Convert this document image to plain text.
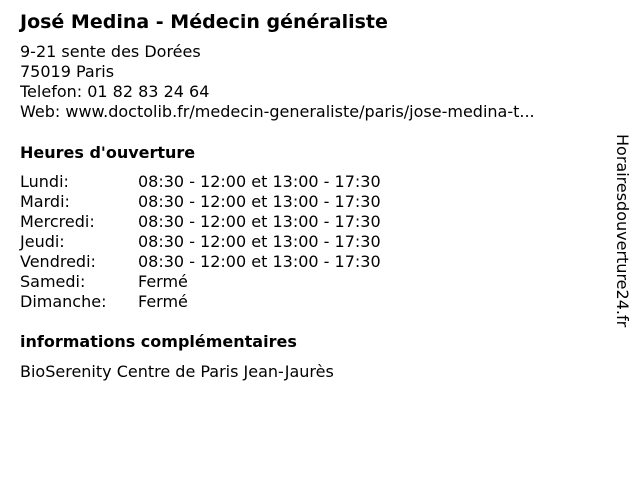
José Medina - Médecin généraliste
9-21 sente des Dorées
75019 Paris
Telefon: 01 82 83 24 64
Web: www.doctolib.fr/medecin-generaliste/paris/jose-medina-t...
Heures d'ouverture
Lundi:	08:30 - 12:00 et 13:00 - 17:30
Mardi:	08:30 - 12:00 et 13:00 - 17:30
Mercredi:	08:30 - 12:00 et 13:00 - 17:30
Jeudi:	08:30 - 12:00 et 13:00 - 17:30
Vendredi:	08:30 - 12:00 et 13:00 - 17:30
Samedi:	Fermé
Dimanche:	Fermé
informations complémentaires
BioSerenity Centre de Paris Jean-Jaurès
Horairesdouverture24.fr
